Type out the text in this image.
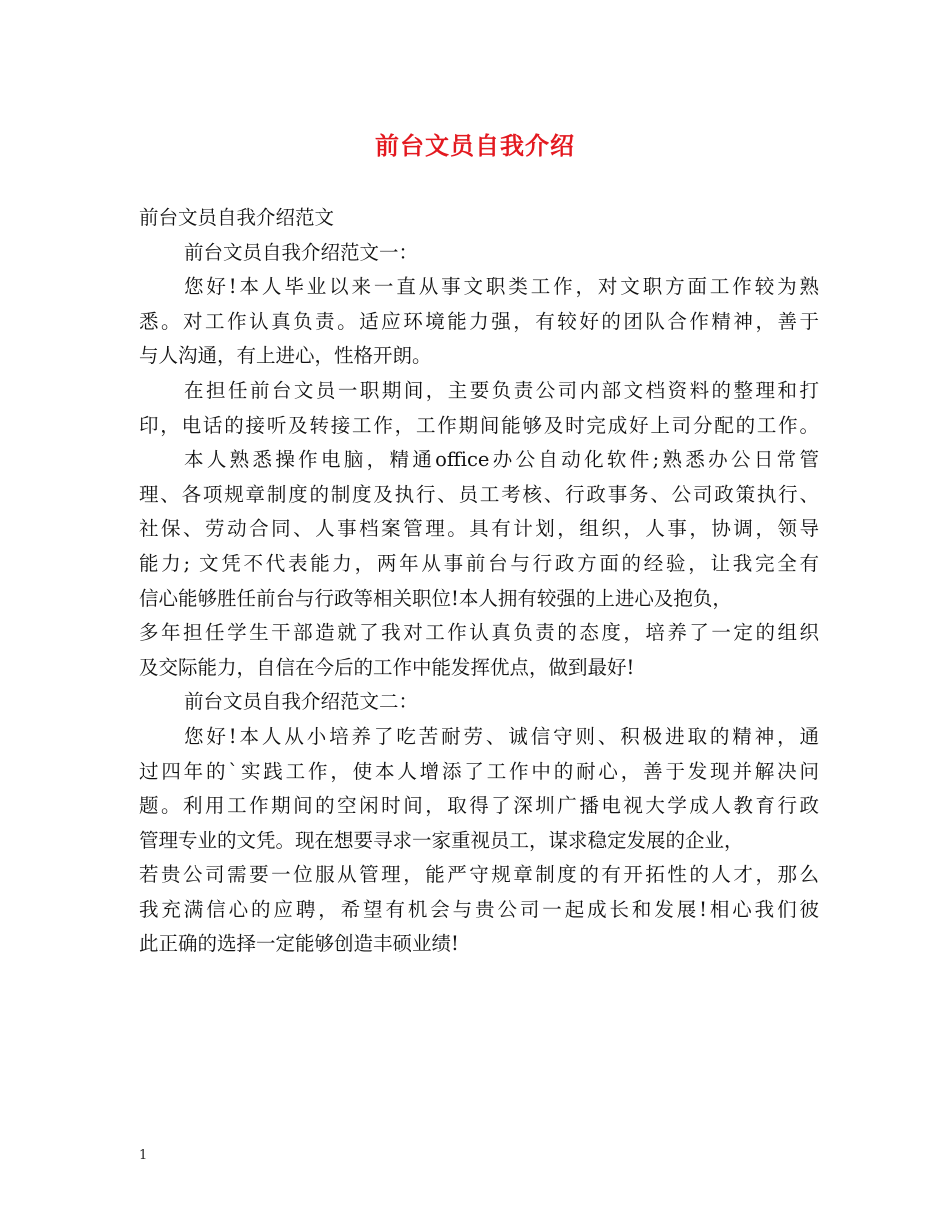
前台文员自我介绍
前台文员自我介绍范文
前台文员自我介绍范文一：
您好!本人毕业以来一直从事文职类工作，对文职方面工作较为熟
悉。对工作认真负责。适应环境能力强，有较好的团队合作精神，善于
与人沟通，有上进心，性格开朗。
在担任前台文员一职期间，主要负责公司内部文档资料的整理和打
印，电话的接听及转接工作，工作期间能够及时完成好上司分配的工作。
本人熟悉操作电脑，精通office办公自动化软件;熟悉办公日常管
理、各项规章制度的制度及执行、员工考核、行政事务、公司政策执行、
社保、劳动合同、人事档案管理。具有计划，组织，人事，协调，领导
能力; 文凭不代表能力，两年从事前台与行政方面的经验，让我完全有
信心能够胜任前台与行政等相关职位!本人拥有较强的上进心及抱负，
多年担任学生干部造就了我对工作认真负责的态度，培养了一定的组织
及交际能力，自信在今后的工作中能发挥优点，做到最好!
前台文员自我介绍范文二：
您好!本人从小培养了吃苦耐劳、诚信守则、积极进取的精神，通
过四年的`实践工作，使本人增添了工作中的耐心，善于发现并解决问
题。利用工作期间的空闲时间，取得了深圳广播电视大学成人教育行政
管理专业的文凭。现在想要寻求一家重视员工，谋求稳定发展的企业，
若贵公司需要一位服从管理，能严守规章制度的有开拓性的人才，那么
我充满信心的应聘，希望有机会与贵公司一起成长和发展!相心我们彼
此正确的选择一定能够创造丰硕业绩!
1
